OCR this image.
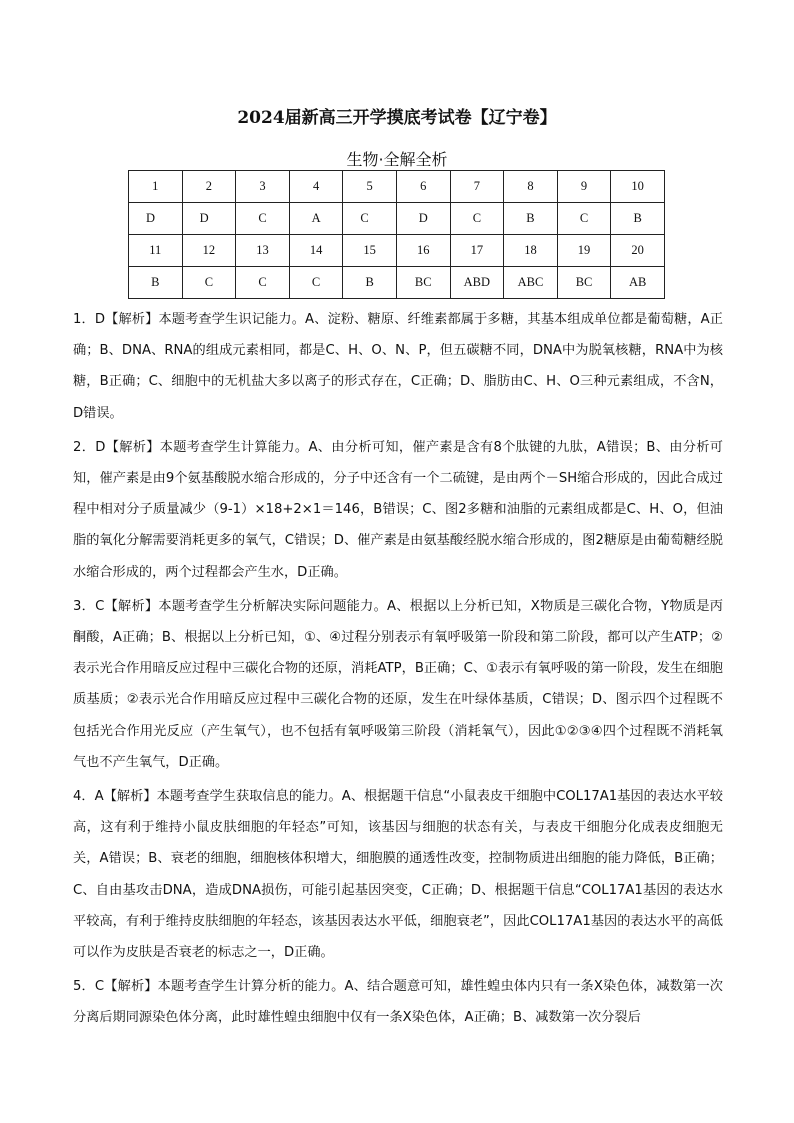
2024届新高三开学摸底考试卷【辽宁卷】
生物·全解全析
1	2	3	4	5	6	7	8	9	10
D	D	C	A	C	D	C	B	C	B
11	12	13	14	15	16	17	18	19	20
B	C	C	C	B	BC	ABD	ABC	BC	AB

1．D【解析】本题考查学生识记能力。A、淀粉、糖原、纤维素都属于多糖，其基本组成单位都是葡萄糖，A正确；B、DNA、RNA的组成元素相同，都是C、H、O、N、P，但五碳糖不同，DNA中为脱氧核糖，RNA中为核糖，B正确；C、细胞中的无机盐大多以离子的形式存在，C正确；D、脂肪由C、H、O三种元素组成，不含N，D错误。

2．D【解析】本题考查学生计算能力。A、由分析可知，催产素是含有8个肽键的九肽，A错误；B、由分析可知，催产素是由9个氨基酸脱水缩合形成的，分子中还含有一个二硫键，是由两个－SH缩合形成的，因此合成过程中相对分子质量减少（9-1）×18+2×1＝146，B错误；C、图2多糖和油脂的元素组成都是C、H、O，但油脂的氧化分解需要消耗更多的氧气，C错误；D、催产素是由氨基酸经脱水缩合形成的，图2糖原是由葡萄糖经脱水缩合形成的，两个过程都会产生水，D正确。

3．C【解析】本题考查学生分析解决实际问题能力。A、根据以上分析已知，X物质是三碳化合物，Y物质是丙酮酸，A正确；B、根据以上分析已知，①、④过程分别表示有氧呼吸第一阶段和第二阶段，都可以产生ATP；②表示光合作用暗反应过程中三碳化合物的还原，消耗ATP，B正确；C、①表示有氧呼吸的第一阶段，发生在细胞质基质；②表示光合作用暗反应过程中三碳化合物的还原，发生在叶绿体基质，C错误；D、图示四个过程既不包括光合作用光反应（产生氧气），也不包括有氧呼吸第三阶段（消耗氧气），因此①②③④四个过程既不消耗氧气也不产生氧气，D正确。

4．A【解析】本题考查学生获取信息的能力。A、根据题干信息“小鼠表皮干细胞中COL17A1基因的表达水平较高，这有利于维持小鼠皮肤细胞的年轻态”可知，该基因与细胞的状态有关，与表皮干细胞分化成表皮细胞无关，A错误；B、衰老的细胞，细胞核体积增大，细胞膜的通透性改变，控制物质进出细胞的能力降低，B正确；C、自由基攻击DNA，造成DNA损伤，可能引起基因突变，C正确；D、根据题干信息“COL17A1基因的表达水平较高，有利于维持皮肤细胞的年轻态，该基因表达水平低，细胞衰老”，因此COL17A1基因的表达水平的高低可以作为皮肤是否衰老的标志之一，D正确。

5．C【解析】本题考查学生计算分析的能力。A、结合题意可知，雄性蝗虫体内只有一条X染色体，减数第一次分离后期同源染色体分离，此时雄性蝗虫细胞中仅有一条X染色体，A正确；B、减数第一次分裂后
